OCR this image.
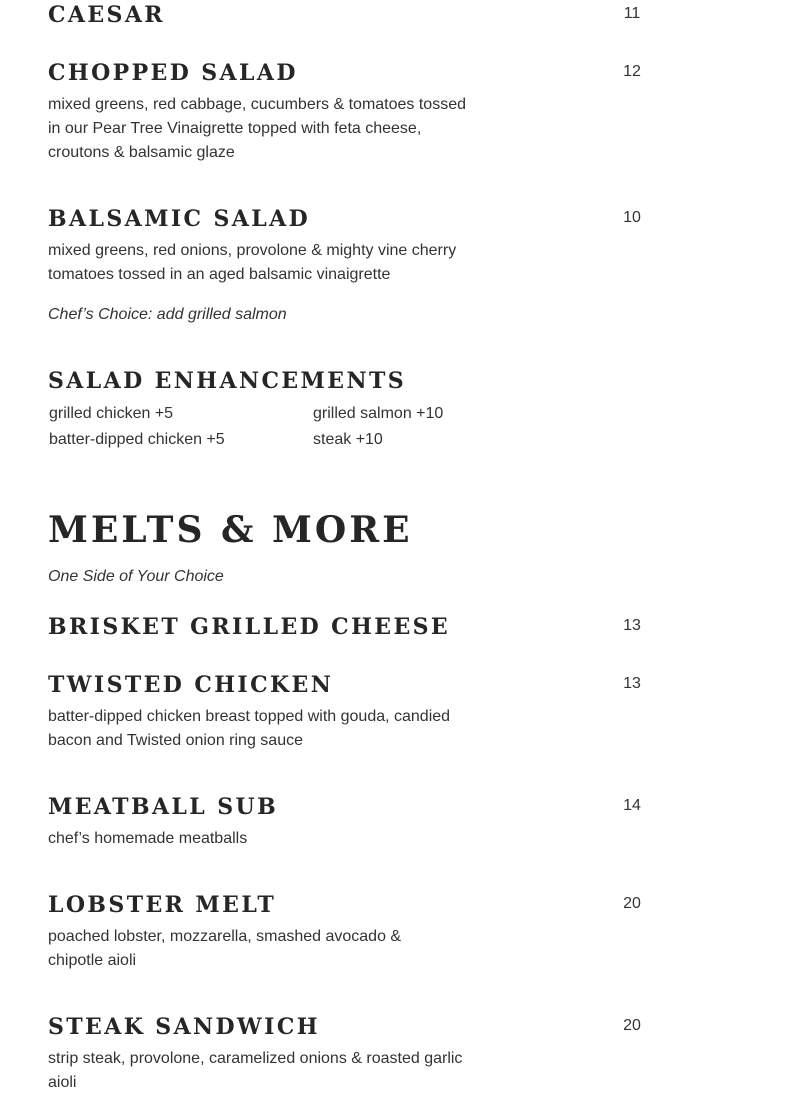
CAESAR	11
CHOPPED SALAD	12

mixed greens, red cabbage, cucumbers & tomatoes tossed in our Pear Tree Vinaigrette topped with feta cheese, croutons & balsamic glaze

BALSAMIC SALAD	10

mixed greens, red onions, provolone & mighty vine cherry tomatoes tossed in an aged balsamic vinaigrette

Chef’s Choice: add grilled salmon

SALAD ENHANCEMENTS
grilled chicken +5	grilled salmon +10
batter-dipped chicken +5	steak +10
MELTS & MORE

One Side of Your Choice

BRISKET GRILLED CHEESE	13
TWISTED CHICKEN	13

batter-dipped chicken breast topped with gouda, candied bacon and Twisted onion ring sauce

MEATBALL SUB	14

chef’s homemade meatballs

LOBSTER MELT	20

poached lobster, mozzarella, smashed avocado & chipotle aioli

STEAK SANDWICH	20

strip steak, provolone, caramelized onions & roasted garlic aioli
